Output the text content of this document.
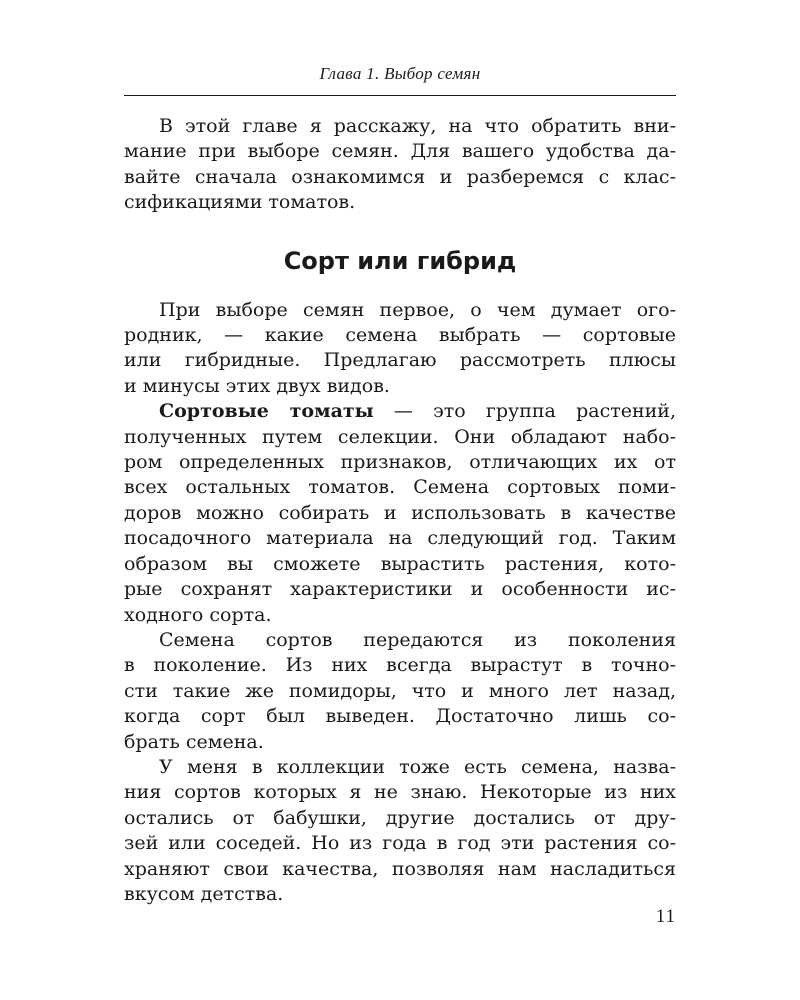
Глава 1. Выбор семян

В этой главе я расскажу, на что обратить вни-
мание при выборе семян. Для вашего удобства да-
вайте сначала ознакомимся и разберемся с клас-
сификациями томатов.

Сорт или гибрид

При выборе семян первое, о чем думает ого-
родник, — какие семена выбрать — сортовые
или гибридные. Предлагаю рассмотреть плюсы
и минусы этих двух видов.

Сортовые томаты — это группа растений,
полученных путем селекции. Они обладают набо-
ром определенных признаков, отличающих их от
всех остальных томатов. Семена сортовых поми-
доров можно собирать и использовать в качестве
посадочного материала на следующий год. Таким
образом вы сможете вырастить растения, кото-
рые сохранят характеристики и особенности ис-
ходного сорта.

Семена сортов передаются из поколения
в поколение. Из них всегда вырастут в точно-
сти такие же помидоры, что и много лет назад,
когда сорт был выведен. Достаточно лишь со-
брать семена.

У меня в коллекции тоже есть семена, назва-
ния сортов которых я не знаю. Некоторые из них
остались от бабушки, другие достались от дру-
зей или соседей. Но из года в год эти растения со-
храняют свои качества, позволяя нам насладиться
вкусом детства.

11
